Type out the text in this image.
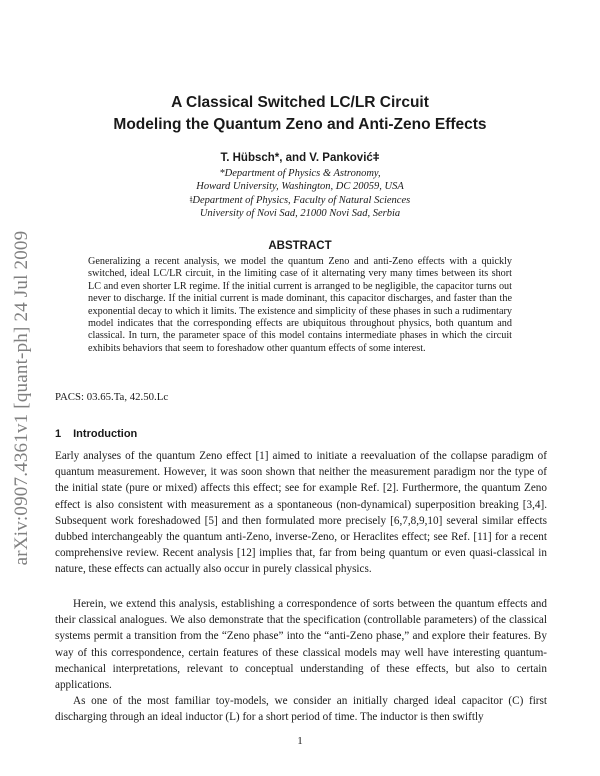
arXiv:0907.4361v1 [quant-ph] 24 Jul 2009
A Classical Switched LC/LR Circuit
Modeling the Quantum Zeno and Anti-Zeno Effects
T. Hübsch*, and V. Pankovićǂ
*Department of Physics & Astronomy,
Howard University, Washington, DC 20059, USA
ǂDepartment of Physics, Faculty of Natural Sciences
University of Novi Sad, 21000 Novi Sad, Serbia
ABSTRACT

Generalizing a recent analysis, we model the quantum Zeno and anti-Zeno effects with a quickly switched, ideal LC/LR circuit, in the limiting case of it alternating very many times between its short LC and even shorter LR regime. If the initial current is arranged to be negligible, the capacitor turns out never to discharge. If the initial current is made dominant, this capacitor discharges, and faster than the exponential decay to which it limits. The existence and simplicity of these phases in such a rudimentary model indicates that the corresponding effects are ubiquitous throughout physics, both quantum and classical. In turn, the parameter space of this model contains intermediate phases in which the circuit exhibits behaviors that seem to foreshadow other quantum effects of some interest.

PACS: 03.65.Ta, 42.50.Lc
1 Introduction

Early analyses of the quantum Zeno effect [1] aimed to initiate a reevaluation of the collapse paradigm of quantum measurement. However, it was soon shown that neither the measurement paradigm nor the type of the initial state (pure or mixed) affects this effect; see for example Ref. [2]. Furthermore, the quantum Zeno effect is also consistent with measurement as a spontaneous (non-dynamical) superposition breaking [3,4]. Subsequent work foreshadowed [5] and then formulated more precisely [6,7,8,9,10] several similar effects dubbed interchangeably the quantum anti-Zeno, inverse-Zeno, or Heraclites effect; see Ref. [11] for a recent comprehensive review. Recent analysis [12] implies that, far from being quantum or even quasi-classical in nature, these effects can actually also occur in purely classical physics.

Herein, we extend this analysis, establishing a correspondence of sorts between the quantum effects and their classical analogues. We also demonstrate that the specification (controllable parameters) of the classical systems permit a transition from the “Zeno phase” into the “anti-Zeno phase,” and explore their features. By way of this correspondence, certain features of these classical models may well have interesting quantum-mechanical interpretations, relevant to conceptual understanding of these effects, but also to certain applications.

As one of the most familiar toy-models, we consider an initially charged ideal capacitor (C) first discharging through an ideal inductor (L) for a short period of time. The inductor is then swiftly

1
